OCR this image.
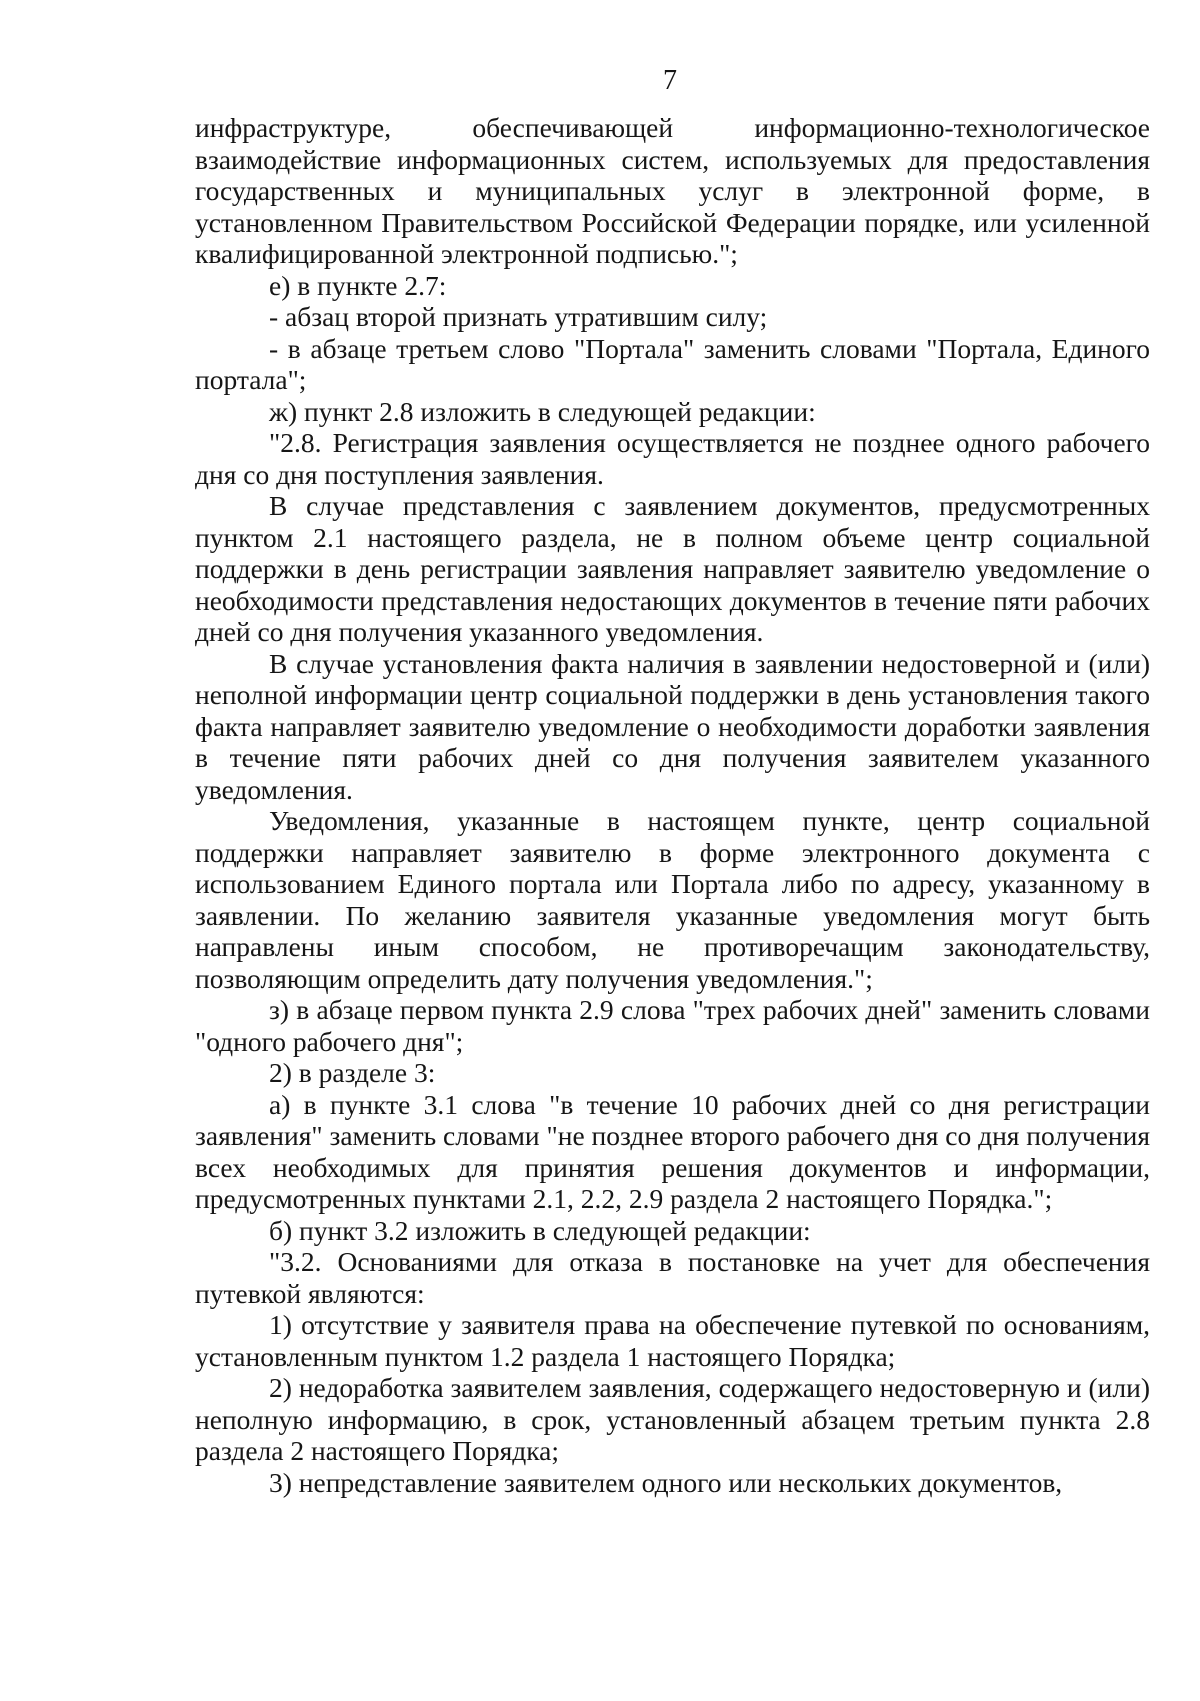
7

инфраструктуре, обеспечивающей информационно-технологическое взаимодействие информационных систем, используемых для предоставления государственных и муниципальных услуг в электронной форме, в установленном Правительством Российской Федерации порядке, или усиленной квалифицированной электронной подписью.";

е) в пункте 2.7:

- абзац второй признать утратившим силу;

- в абзаце третьем слово "Портала" заменить словами "Портала, Единого портала";

ж) пункт 2.8 изложить в следующей редакции:

"2.8. Регистрация заявления осуществляется не позднее одного рабочего дня со дня поступления заявления.

В случае представления с заявлением документов, предусмотренных пунктом 2.1 настоящего раздела, не в полном объеме центр социальной поддержки в день регистрации заявления направляет заявителю уведомление о необходимости представления недостающих документов в течение пяти рабочих дней со дня получения указанного уведомления.

В случае установления факта наличия в заявлении недостоверной и (или) неполной информации центр социальной поддержки в день установления такого факта направляет заявителю уведомление о необходимости доработки заявления в течение пяти рабочих дней со дня получения заявителем указанного уведомления.

Уведомления, указанные в настоящем пункте, центр социальной поддержки направляет заявителю в форме электронного документа с использованием Единого портала или Портала либо по адресу, указанному в заявлении. По желанию заявителя указанные уведомления могут быть направлены иным способом, не противоречащим законодательству, позволяющим определить дату получения уведомления.";

з) в абзаце первом пункта 2.9 слова "трех рабочих дней" заменить словами "одного рабочего дня";

2) в разделе 3:

а) в пункте 3.1 слова "в течение 10 рабочих дней со дня регистрации заявления" заменить словами "не позднее второго рабочего дня со дня получения всех необходимых для принятия решения документов и информации, предусмотренных пунктами 2.1, 2.2, 2.9 раздела 2 настоящего Порядка.";

б) пункт 3.2 изложить в следующей редакции:

"3.2. Основаниями для отказа в постановке на учет для обеспечения путевкой являются:

1) отсутствие у заявителя права на обеспечение путевкой по основаниям, установленным пунктом 1.2 раздела 1 настоящего Порядка;

2) недоработка заявителем заявления, содержащего недостоверную и (или) неполную информацию, в срок, установленный абзацем третьим пункта 2.8 раздела 2 настоящего Порядка;

3) непредставление заявителем одного или нескольких документов,
